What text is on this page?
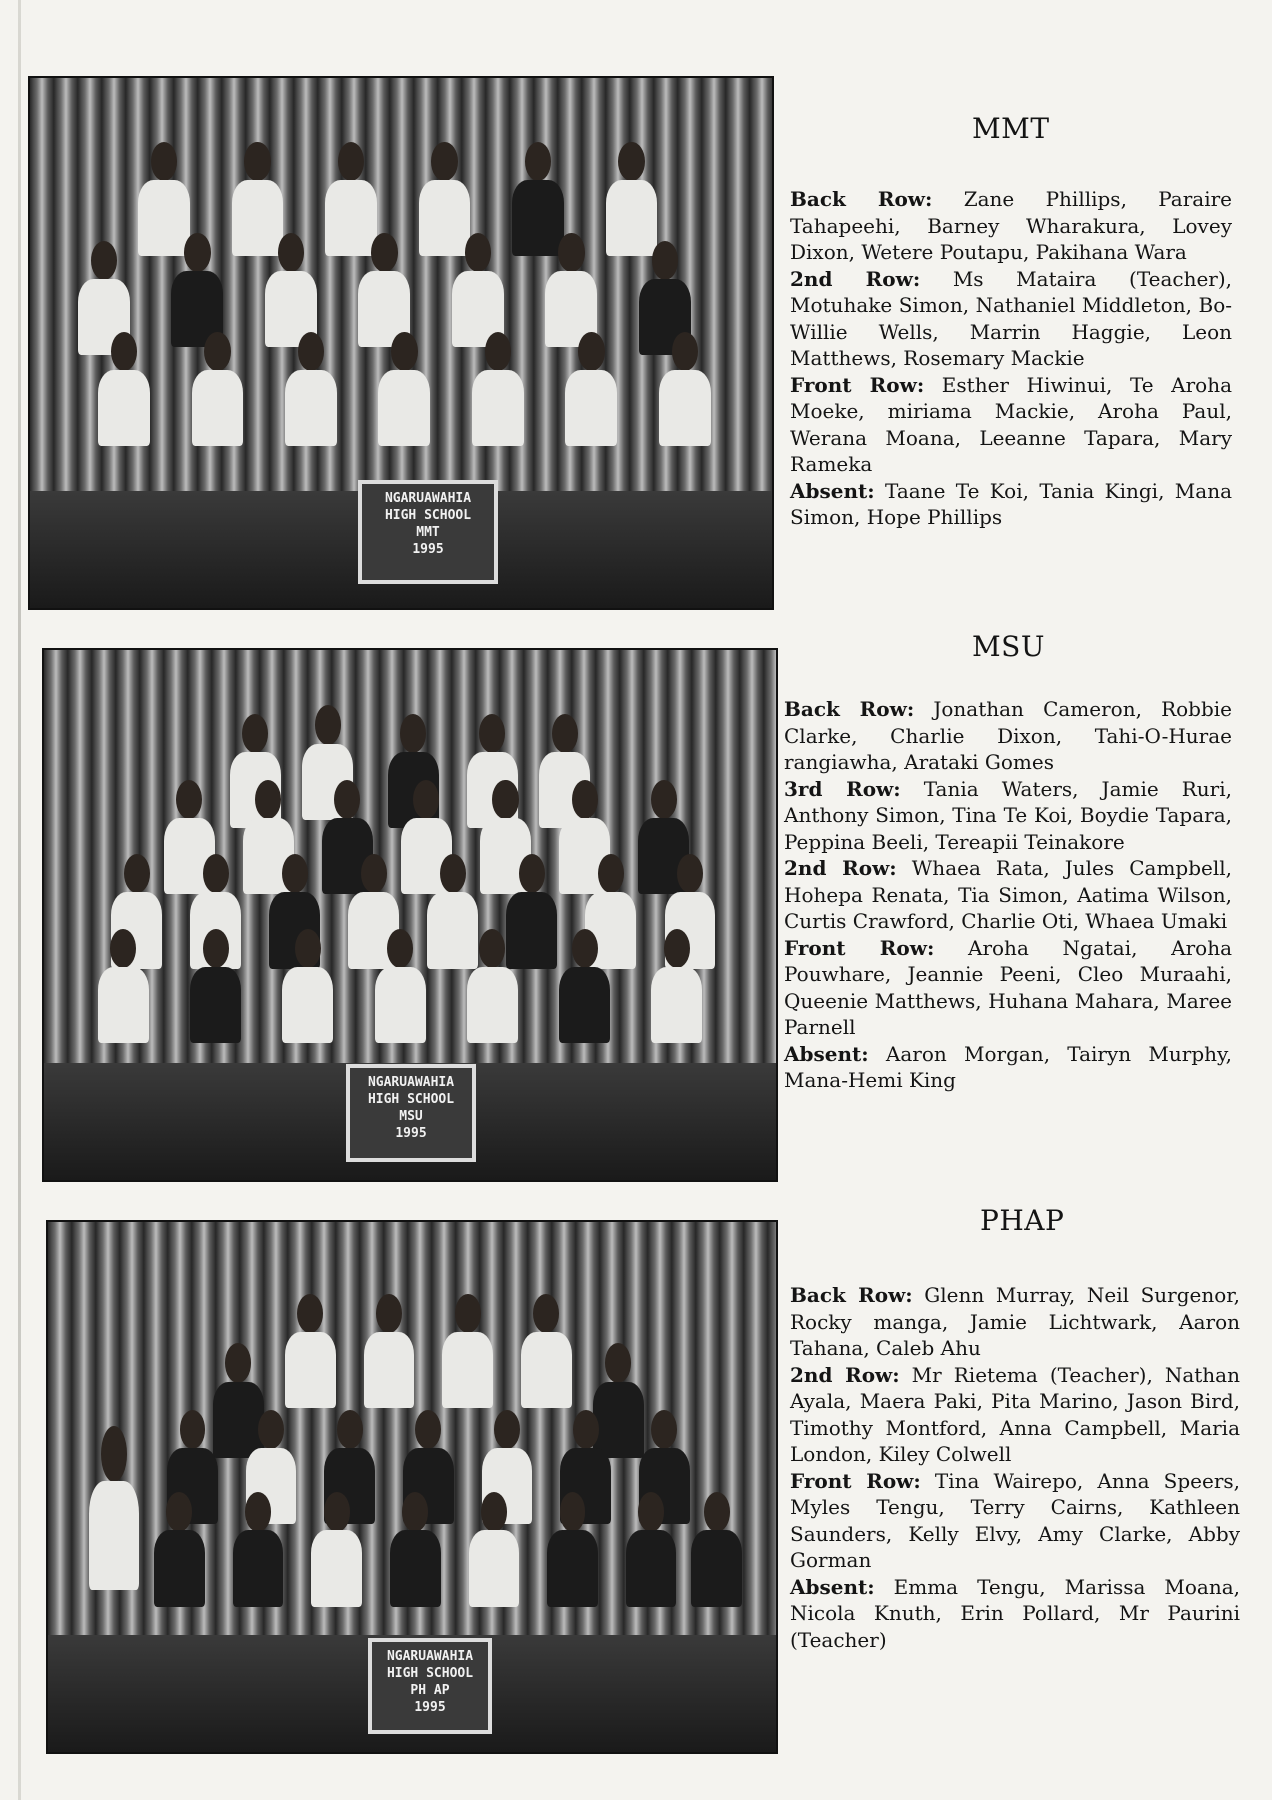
NGARUAWAHIA
HIGH SCHOOL
MMT
1995
MMT

Back Row: Zane Phillips, Paraire Tahapeehi, Barney Wharakura, Lovey Dixon, Wetere Poutapu, Pakihana Wara
2nd Row: Ms Mataira (Teacher), Motuhake Simon, Nathaniel Middleton, Bo- Willie Wells, Marrin Haggie, Leon Matthews, Rosemary Mackie
Front Row: Esther Hiwinui, Te Aroha Moeke, miriama Mackie, Aroha Paul, Werana Moana, Leeanne Tapara, Mary Rameka
Absent: Taane Te Koi, Tania Kingi, Mana Simon, Hope Phillips

NGARUAWAHIA
HIGH SCHOOL
MSU
1995
MSU

Back Row: Jonathan Cameron, Robbie Clarke, Charlie Dixon, Tahi-O-Hurae rangiawha, Arataki Gomes
3rd Row: Tania Waters, Jamie Ruri, Anthony Simon, Tina Te Koi, Boydie Tapara, Peppina Beeli, Tereapii Teinakore
2nd Row: Whaea Rata, Jules Campbell, Hohepa Renata, Tia Simon, Aatima Wilson, Curtis Crawford, Charlie Oti, Whaea Umaki
Front Row: Aroha Ngatai, Aroha Pouwhare, Jeannie Peeni, Cleo Muraahi, Queenie Matthews, Huhana Mahara, Maree Parnell
Absent: Aaron Morgan, Tairyn Murphy, Mana-Hemi King

NGARUAWAHIA
HIGH SCHOOL
PH AP
1995
PHAP

Back Row: Glenn Murray, Neil Surgenor, Rocky manga, Jamie Lichtwark, Aaron Tahana, Caleb Ahu
2nd Row: Mr Rietema (Teacher), Nathan Ayala, Maera Paki, Pita Marino, Jason Bird, Timothy Montford, Anna Campbell, Maria London, Kiley Colwell
Front Row: Tina Wairepo, Anna Speers, Myles Tengu, Terry Cairns, Kathleen Saunders, Kelly Elvy, Amy Clarke, Abby Gorman
Absent: Emma Tengu, Marissa Moana, Nicola Knuth, Erin Pollard, Mr Paurini (Teacher)
